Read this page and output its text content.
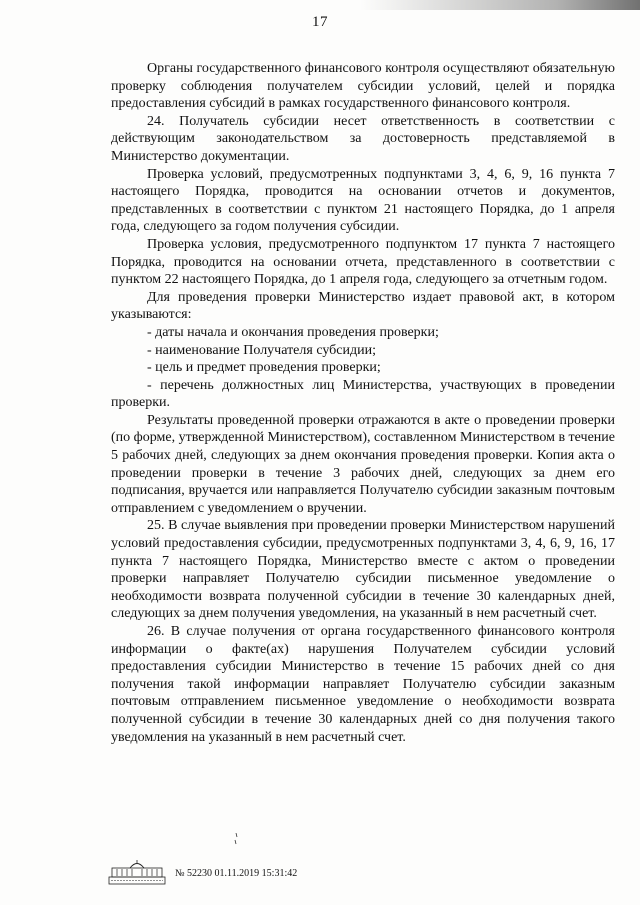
17

Органы государственного финансового контроля осуществляют обязательную проверку соблюдения получателем субсидии условий, целей и порядка предоставления субсидий в рамках государственного финансового контроля.

24. Получатель субсидии несет ответственность в соответствии с действующим законодательством за достоверность представляемой в Министерство документации.

Проверка условий, предусмотренных подпунктами 3, 4, 6, 9, 16 пункта 7 настоящего Порядка, проводится на основании отчетов и документов, представленных в соответствии с пунктом 21 настоящего Порядка, до 1 апреля года, следующего за годом получения субсидии.

Проверка условия, предусмотренного подпунктом 17 пункта 7 настоящего Порядка, проводится на основании отчета, представленного в соответствии с пунктом 22 настоящего Порядка, до 1 апреля года, следующего за отчетным годом.

Для проведения проверки Министерство издает правовой акт, в котором указываются:

- даты начала и окончания проведения проверки;

- наименование Получателя субсидии;

- цель и предмет проведения проверки;

- перечень должностных лиц Министерства, участвующих в проведении проверки.

Результаты проведенной проверки отражаются в акте о проведении проверки (по форме, утвержденной Министерством), составленном Министерством в течение 5 рабочих дней, следующих за днем окончания проведения проверки. Копия акта о проведении проверки в течение 3 рабочих дней, следующих за днем его подписания, вручается или направляется Получателю субсидии заказным почтовым отправлением с уведомлением о вручении.

25. В случае выявления при проведении проверки Министерством нарушений условий предоставления субсидии, предусмотренных подпунктами 3, 4, 6, 9, 16, 17 пункта 7 настоящего Порядка, Министерство вместе с актом о проведении проверки направляет Получателю субсидии письменное уведомление о необходимости возврата полученной субсидии в течение 30 календарных дней, следующих за днем получения уведомления, на указанный в нем расчетный счет.

26. В случае получения от органа государственного финансового контроля информации о факте(ах) нарушения Получателем субсидии условий предоставления субсидии Министерство в течение 15 рабочих дней со дня получения такой информации направляет Получателю субсидии заказным почтовым отправлением письменное уведомление о необходимости возврата полученной субсидии в течение 30 календарных дней со дня получения такого уведомления на указанный в нем расчетный счет.

№ 52230 01.11.2019 15:31:42
